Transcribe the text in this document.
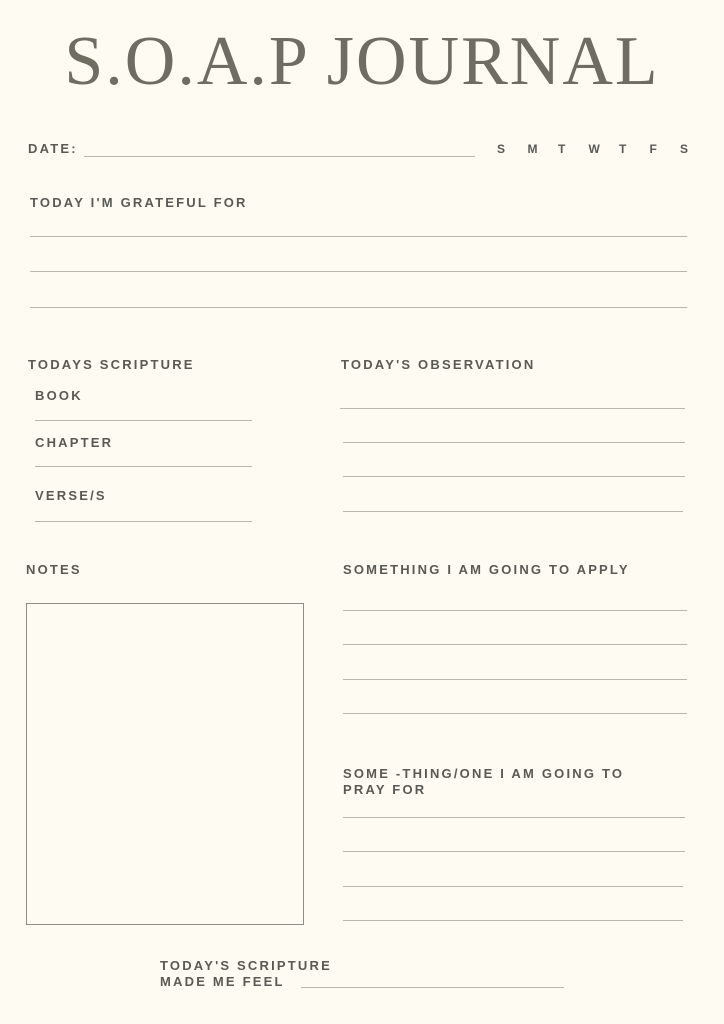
S.O.A.P JOURNAL
DATE:	S	M	T	W	T	F	S
TODAY I'M GRATEFUL FOR
TODAYS SCRIPTURE
BOOK
CHAPTER
VERSE/S
TODAY'S OBSERVATION
NOTES	SOMETHING I AM GOING TO APPLY
SOME -THING/ONE I AM GOING TO
PRAY FOR
TODAY'S SCRIPTURE
MADE ME FEEL
